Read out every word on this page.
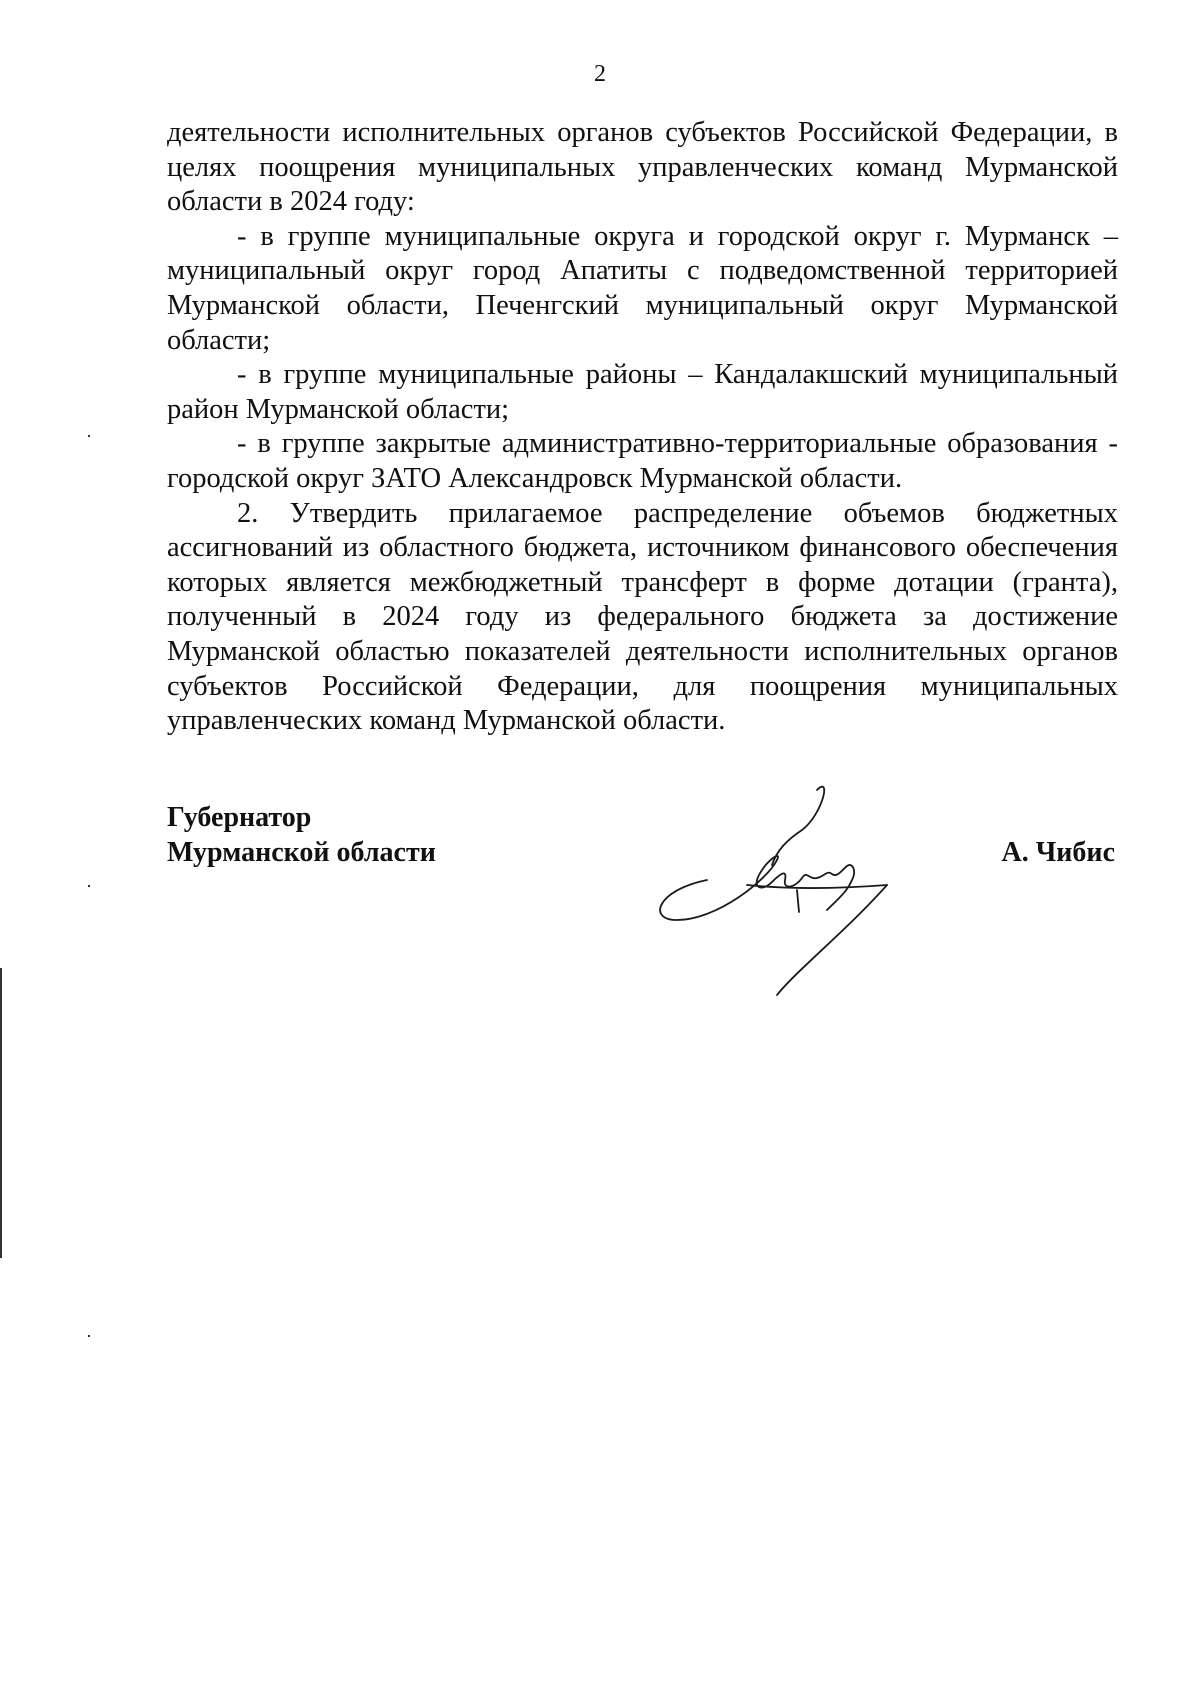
2

деятельности исполнительных органов субъектов Российской Федерации, в целях поощрения муниципальных управленческих команд Мурманской области в 2024 году:

- в группе муниципальные округа и городской округ г. Мурманск – муниципальный округ город Апатиты с подведомственной территорией Мурманской области, Печенгский муниципальный округ Мурманской области;

- в группе муниципальные районы – Кандалакшский муниципальный район Мурманской области;

- в группе закрытые административно-территориальные образования - городской округ ЗАТО Александровск Мурманской области.

2. Утвердить прилагаемое распределение объемов бюджетных ассигнований из областного бюджета, источником финансового обеспечения которых является межбюджетный трансферт в форме дотации (гранта), полученный в 2024 году из федерального бюджета за достижение Мурманской областью показателей деятельности исполнительных органов субъектов Российской Федерации, для поощрения муниципальных управленческих команд Мурманской области.

Губернатор
Мурманской области	А. Чибис
